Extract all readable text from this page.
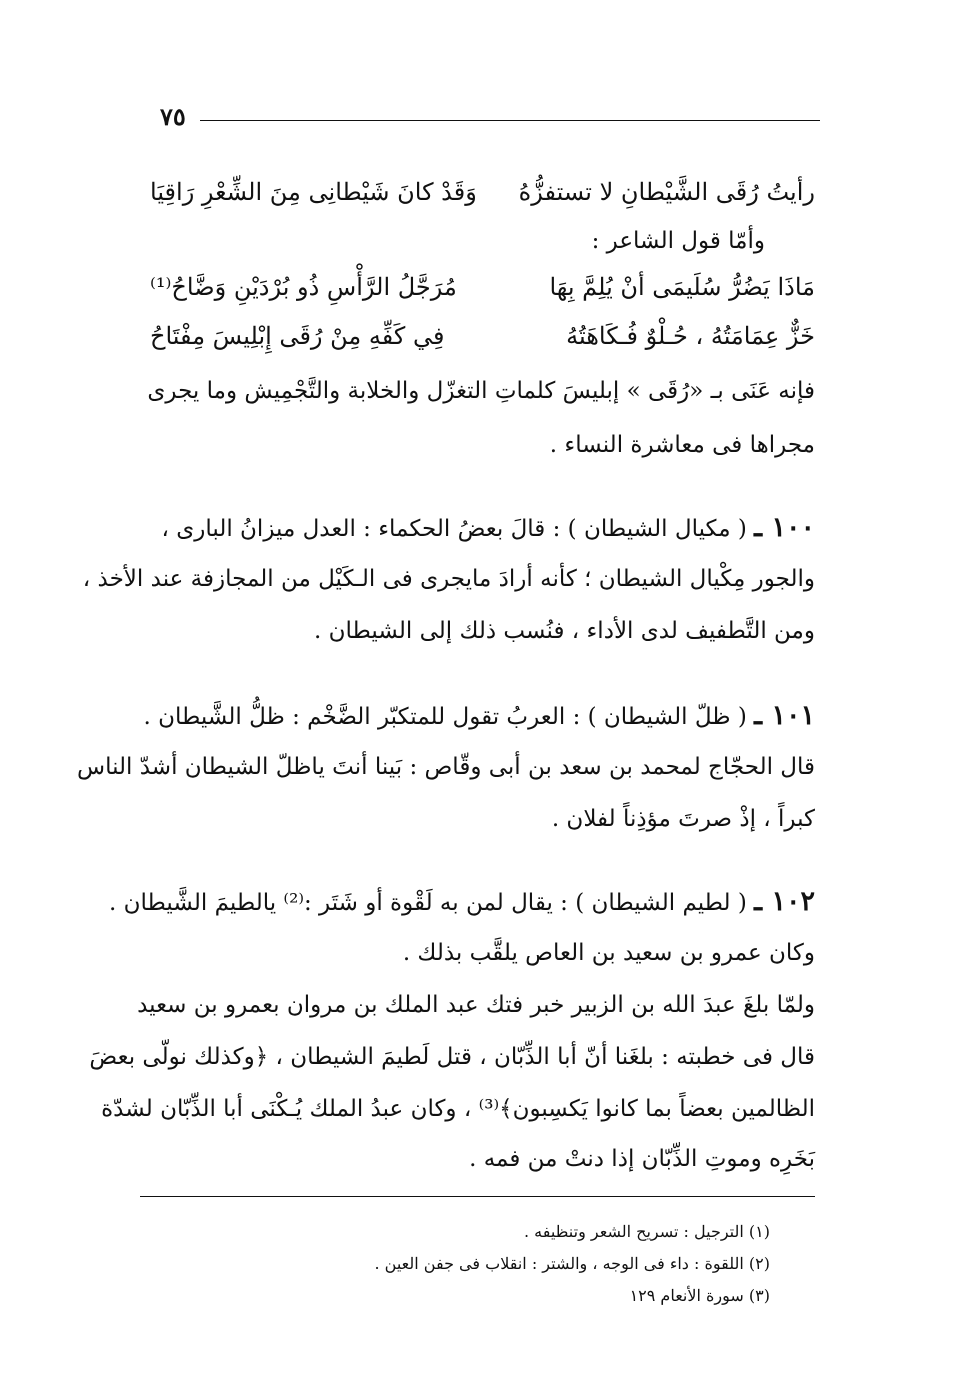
٧٥
رأيتُ رُقَى الشَّيْطانِ لا تستفزُّهُ
وَقَدْ كانَ شَيْطانِى مِنَ الشِّعْرِ رَاقِيَا
وأمّا قول الشاعر :
مَاذَا يَضُرُّ سُلَيمَى أنْ يُلِمَّ بِهَا
مُرَجَّلُ الرَّأْسِ ذُو بُرْدَيْنِ وَضَّاحُ⁽¹⁾
خَزٌّ عِمَامَتُهُ ، حُـلْوٌ فُـكَاهَتُهُ
فِي كَفِّهِ مِنْ رُقَى إِبْلِيسَ مِفْتَاحُ
فإنه عَنَى بـ «رُقَى » إبليسَ كلماتِ التغزّل والخلابة والتَّجْمِيش وما يجرى
مجراها فى معاشرة النساء .
١٠٠ ـ ( مكيال الشيطان ) : قالَ بعضُ الحكماء : العدل ميزانُ البارى ،
والجور مِكْيال الشيطان ؛ كأنه أرادَ مايجرى فى الـكَيْل من المجازفة عند الأخذ ،
ومن التَّطفيف لدى الأداء ، فنُسب ذلك إلى الشيطان .
١٠١ ـ ( ظلّ الشيطان ) : العربُ تقول للمتكبّر الضَّخْم : ظلُّ الشَّيطان .
قال الحجّاج لمحمد بن سعد بن أبى وقّاص : بَينا أنتَ ياظلّ الشيطان أشدّ الناس
كبراً ، إذْ صرتَ مؤذِناً لفلان .
١٠٢ ـ ( لطيم الشيطان ) : يقال لمن به لَقْوة أو شَتَر :⁽²⁾ يالطيمَ الشَّيطان .
وكان عمرو بن سعيد بن العاص يلقَّب بذلك .
ولمّا بلغَ عبدَ الله بن الزبير خبر فتك عبد الملك بن مروان بعمرو بن سعيد
قال فى خطبته : بلغَنا أنّ أبا الذِّبّان ، قتل لَطيمَ الشيطان ، ﴿وكذلك نولّى بعضَ
الظالمين بعضاً بما كانوا يَكسِبون﴾⁽³⁾ ، وكان عبدُ الملك يُـكْنَى أبا الذِّبّان لشدّة
بَخَرِه وموتِ الذِّبّان إذا دنتْ من فمه .
(١) الترجيل : تسريح الشعر وتنظيفه .
(٢) اللقوة : داء فى الوجه ، والشتر : انقلاب فى جفن العين .
(٣) سورة الأنعام ١٢٩
